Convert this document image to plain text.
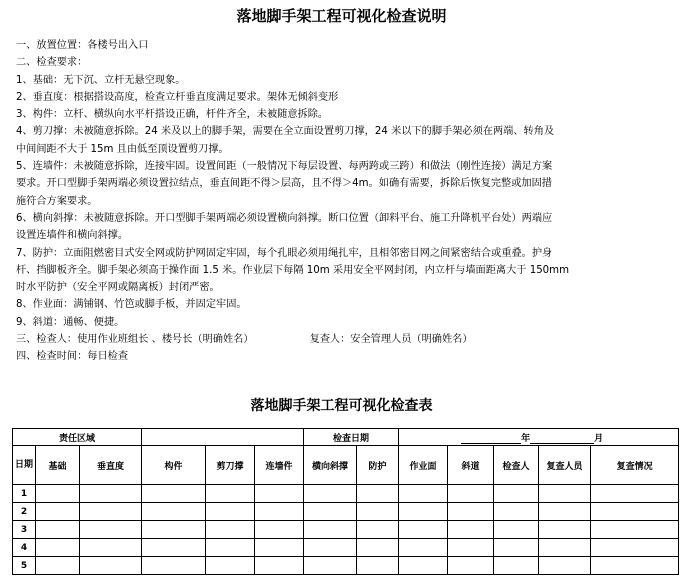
落地脚手架工程可视化检查说明
一、放置位置：各楼号出入口
二、检查要求：
1、基础：无下沉、立杆无悬空现象。
2、垂直度：根据搭设高度，检查立杆垂直度满足要求。架体无倾斜变形
3、构件：立杆、横纵向水平杆搭设正确，杆件齐全，未被随意拆除。
4、剪刀撑：未被随意拆除。24 米及以上的脚手架，需要在全立面设置剪刀撑，24 米以下的脚手架必须在两端、转角及
中间间距不大于 15m 且由低至顶设置剪刀撑。
5、连墙件：未被随意拆除，连接牢固。设置间距（一般情况下每层设置、每两跨或三跨）和做法（刚性连接）满足方案
要求。开口型脚手架两端必须设置拉结点，垂直间距不得＞层高，且不得＞4m。如确有需要，拆除后恢复完整或加固措
施符合方案要求。
6、横向斜撑：未被随意拆除。开口型脚手架两端必须设置横向斜撑。断口位置（卸料平台、施工升降机平台处）两端应
设置连墙件和横向斜撑。
7、防护：立面阻燃密目式安全网或防护网固定牢固，每个孔眼必须用绳扎牢，且相邻密目网之间紧密结合或重叠。护身
杆、挡脚板齐全。脚手架必须高于操作面 1.5 米。作业层下每隔 10m 采用安全平网封闭，内立杆与墙面距离大于 150mm
时水平防护（安全平网或隔离板）封闭严密。
8、作业面：满铺钢、竹笆或脚手板，并固定牢固。
9、斜道：通畅、便捷。
三、检查人：使用作业班组长 、楼号长（明确姓名）	复查人：安全管理人员（明确姓名）
四、检查时间：每日检查
落地脚手架工程可视化检查表
责任区域						检查日期		年 月				
日期	基础	垂直度	构件	剪刀撑	连墙件	横向斜撑	防护	作业面	斜道	检查人	复查人员	复查情况
1												
2												
3												
4												
5												
